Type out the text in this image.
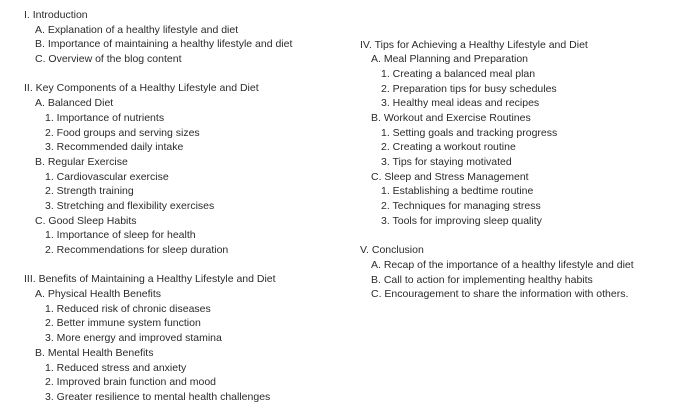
I. Introduction
A. Explanation of a healthy lifestyle and diet
B. Importance of maintaining a healthy lifestyle and diet
C. Overview of the blog content
II. Key Components of a Healthy Lifestyle and Diet
A. Balanced Diet
1. Importance of nutrients
2. Food groups and serving sizes
3. Recommended daily intake
B. Regular Exercise
1. Cardiovascular exercise
2. Strength training
3. Stretching and flexibility exercises
C. Good Sleep Habits
1. Importance of sleep for health
2. Recommendations for sleep duration
III. Benefits of Maintaining a Healthy Lifestyle and Diet
A. Physical Health Benefits
1. Reduced risk of chronic diseases
2. Better immune system function
3. More energy and improved stamina
B. Mental Health Benefits
1. Reduced stress and anxiety
2. Improved brain function and mood
3. Greater resilience to mental health challenges
IV. Tips for Achieving a Healthy Lifestyle and Diet
A. Meal Planning and Preparation
1. Creating a balanced meal plan
2. Preparation tips for busy schedules
3. Healthy meal ideas and recipes
B. Workout and Exercise Routines
1. Setting goals and tracking progress
2. Creating a workout routine
3. Tips for staying motivated
C. Sleep and Stress Management
1. Establishing a bedtime routine
2. Techniques for managing stress
3. Tools for improving sleep quality
V. Conclusion
A. Recap of the importance of a healthy lifestyle and diet
B. Call to action for implementing healthy habits
C. Encouragement to share the information with others.
